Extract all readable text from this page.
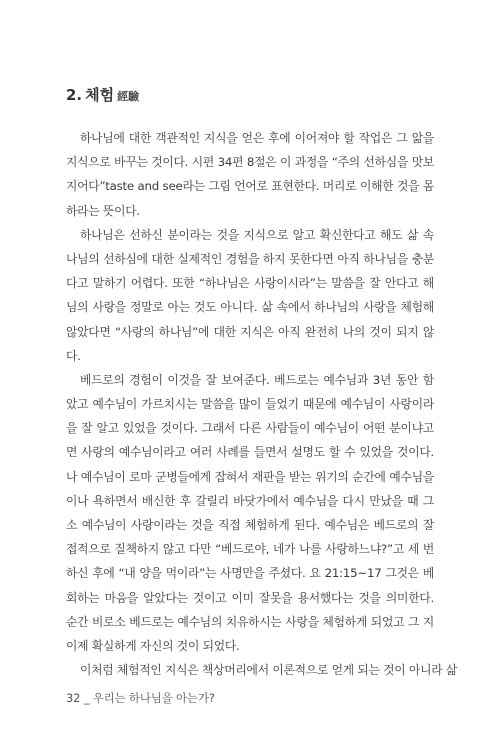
2. 체험 經驗
하나님에 대한 객관적인 지식을 얻은 후에 이어져야 할 작업은 그 앎을
지식으로 바꾸는 것이다. 시편 34편 8절은 이 과정을 “주의 선하심을 맛보
지어다”taste and see라는 그림 언어로 표현한다. 머리로 이해한 것을 몸
하라는 뜻이다.
하나님은 선하신 분이라는 것을 지식으로 알고 확신한다고 해도 삶 속
나님의 선하심에 대한 실제적인 경험을 하지 못한다면 아직 하나님을 충분
다고 말하기 어렵다. 또한 “하나님은 사랑이시라”는 말씀을 잘 안다고 해
님의 사랑을 정말로 아는 것도 아니다. 삶 속에서 하나님의 사랑을 체험해
않았다면 “사랑의 하나님”에 대한 지식은 아직 완전히 나의 것이 되지 않
다.
베드로의 경험이 이것을 잘 보여준다. 베드로는 예수님과 3년 동안 함
았고 예수님이 가르치시는 말씀을 많이 들었기 때문에 예수님이 사랑이라
을 잘 알고 있었을 것이다. 그래서 다른 사람들이 예수님이 어떤 분이냐고
면 사랑의 예수님이라고 여러 사례를 들면서 설명도 할 수 있었을 것이다.
나 예수님이 로마 군병들에게 잡혀서 재판을 받는 위기의 순간에 예수님을
이나 욕하면서 배신한 후 갈릴리 바닷가에서 예수님을 다시 만났을 때 그
소 예수님이 사랑이라는 것을 직접 체험하게 된다. 예수님은 베드로의 잘
접적으로 질책하지 않고 다만 “베드로야, 네가 나를 사랑하느냐?”고 세 번
하신 후에 “내 양을 먹이라”는 사명만을 주셨다. 요 21:15~17 그것은 베
회하는 마음을 알았다는 것이고 이미 잘못을 용서했다는 것을 의미한다.
순간 비로소 베드로는 예수님의 치유하시는 사랑을 체험하게 되었고 그 지
이제 확실하게 자신의 것이 되었다.
이처럼 체험적인 지식은 책상머리에서 이론적으로 얻게 되는 것이 아니라 삶
32 _ 우리는 하나님을 아는가?
